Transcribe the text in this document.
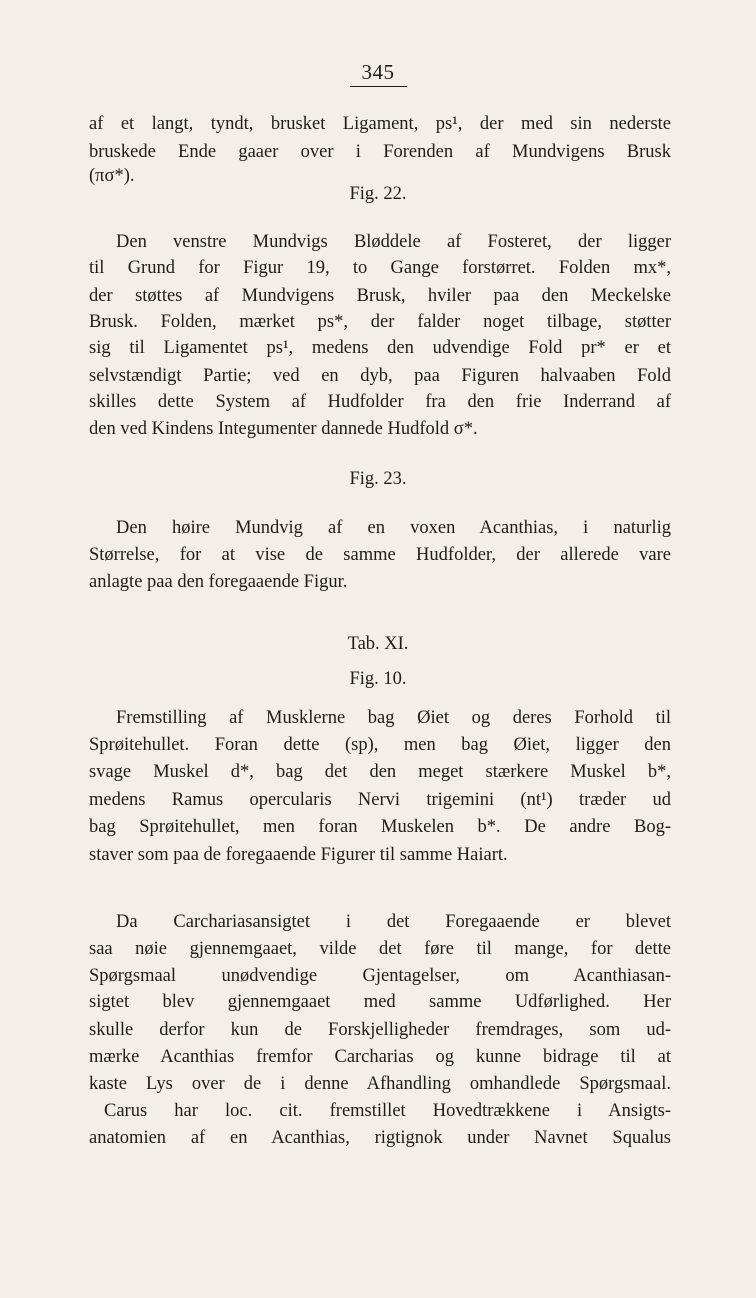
345
af et langt, tyndt, brusket Ligament, ps¹, der med sin nederste
bruskede Ende gaaer over i Forenden af Mundvigens Brusk
(πσ*).
Fig. 22.
Den venstre Mundvigs Bløddele af Fosteret, der ligger
til Grund for Figur 19, to Gange forstørret. Folden mx*,
der støttes af Mundvigens Brusk, hviler paa den Meckelske
Brusk. Folden, mærket ps*, der falder noget tilbage, støtter
sig til Ligamentet ps¹, medens den udvendige Fold pr* er et
selvstændigt Partie; ved en dyb, paa Figuren halvaaben Fold
skilles dette System af Hudfolder fra den frie Inderrand af
den ved Kindens Integumenter dannede Hudfold σ*.
Fig. 23.
Den høire Mundvig af en voxen Acanthias, i naturlig
Størrelse, for at vise de samme Hudfolder, der allerede vare
anlagte paa den foregaaende Figur.
Tab. XI.
Fig. 10.
Fremstilling af Musklerne bag Øiet og deres Forhold til
Sprøitehullet. Foran dette (sp), men bag Øiet, ligger den
svage Muskel d*, bag det den meget stærkere Muskel b*,
medens Ramus opercularis Nervi trigemini (nt¹) træder ud
bag Sprøitehullet, men foran Muskelen b*. De andre Bog-
staver som paa de foregaaende Figurer til samme Haiart.
Da Carchariasansigtet i det Foregaaende er blevet
saa nøie gjennemgaaet, vilde det føre til mange, for dette
Spørgsmaal unødvendige Gjentagelser, om Acanthiasan-
sigtet blev gjennemgaaet med samme Udførlighed. Her
skulle derfor kun de Forskjelligheder fremdrages, som ud-
mærke Acanthias fremfor Carcharias og kunne bidrage til at
kaste Lys over de i denne Afhandling omhandlede Spørgsmaal.
Carus har loc. cit. fremstillet Hovedtrækkene i Ansigts-
anatomien af en Acanthias, rigtignok under Navnet Squalus
